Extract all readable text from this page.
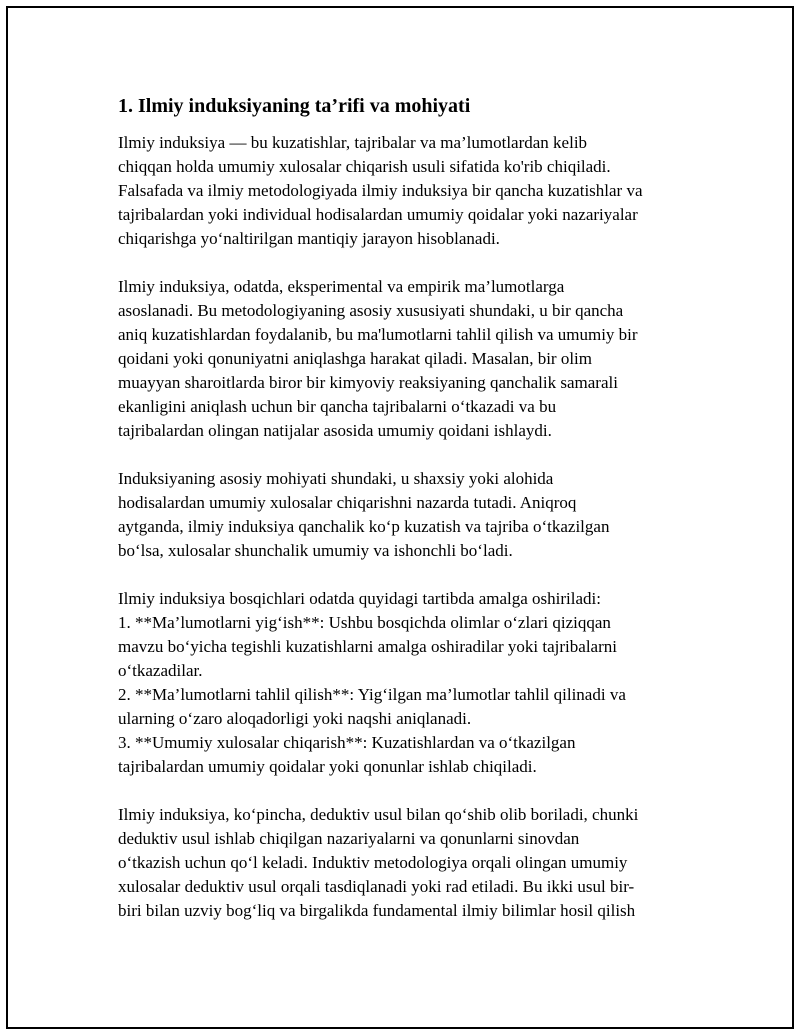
1. Ilmiy induksiyaning ta’rifi va mohiyati

Ilmiy induksiya — bu kuzatishlar, tajribalar va ma’lumotlardan kelib
chiqqan holda umumiy xulosalar chiqarish usuli sifatida ko'rib chiqiladi.
Falsafada va ilmiy metodologiyada ilmiy induksiya bir qancha kuzatishlar va
tajribalardan yoki individual hodisalardan umumiy qoidalar yoki nazariyalar
chiqarishga yo‘naltirilgan mantiqiy jarayon hisoblanadi.

Ilmiy induksiya, odatda, eksperimental va empirik ma’lumotlarga
asoslanadi. Bu metodologiyaning asosiy xususiyati shundaki, u bir qancha
aniq kuzatishlardan foydalanib, bu ma'lumotlarni tahlil qilish va umumiy bir
qoidani yoki qonuniyatni aniqlashga harakat qiladi. Masalan, bir olim
muayyan sharoitlarda biror bir kimyoviy reaksiyaning qanchalik samarali
ekanligini aniqlash uchun bir qancha tajribalarni o‘tkazadi va bu
tajribalardan olingan natijalar asosida umumiy qoidani ishlaydi.

Induksiyaning asosiy mohiyati shundaki, u shaxsiy yoki alohida
hodisalardan umumiy xulosalar chiqarishni nazarda tutadi. Aniqroq
aytganda, ilmiy induksiya qanchalik ko‘p kuzatish va tajriba o‘tkazilgan
bo‘lsa, xulosalar shunchalik umumiy va ishonchli bo‘ladi.

Ilmiy induksiya bosqichlari odatda quyidagi tartibda amalga oshiriladi:
1. **Ma’lumotlarni yig‘ish**: Ushbu bosqichda olimlar o‘zlari qiziqqan
mavzu bo‘yicha tegishli kuzatishlarni amalga oshiradilar yoki tajribalarni
o‘tkazadilar.
2. **Ma’lumotlarni tahlil qilish**: Yig‘ilgan ma’lumotlar tahlil qilinadi va
ularning o‘zaro aloqadorligi yoki naqshi aniqlanadi.
3. **Umumiy xulosalar chiqarish**: Kuzatishlardan va o‘tkazilgan
tajribalardan umumiy qoidalar yoki qonunlar ishlab chiqiladi.

Ilmiy induksiya, ko‘pincha, deduktiv usul bilan qo‘shib olib boriladi, chunki
deduktiv usul ishlab chiqilgan nazariyalarni va qonunlarni sinovdan
o‘tkazish uchun qo‘l keladi. Induktiv metodologiya orqali olingan umumiy
xulosalar deduktiv usul orqali tasdiqlanadi yoki rad etiladi. Bu ikki usul bir-
biri bilan uzviy bog‘liq va birgalikda fundamental ilmiy bilimlar hosil qilish
